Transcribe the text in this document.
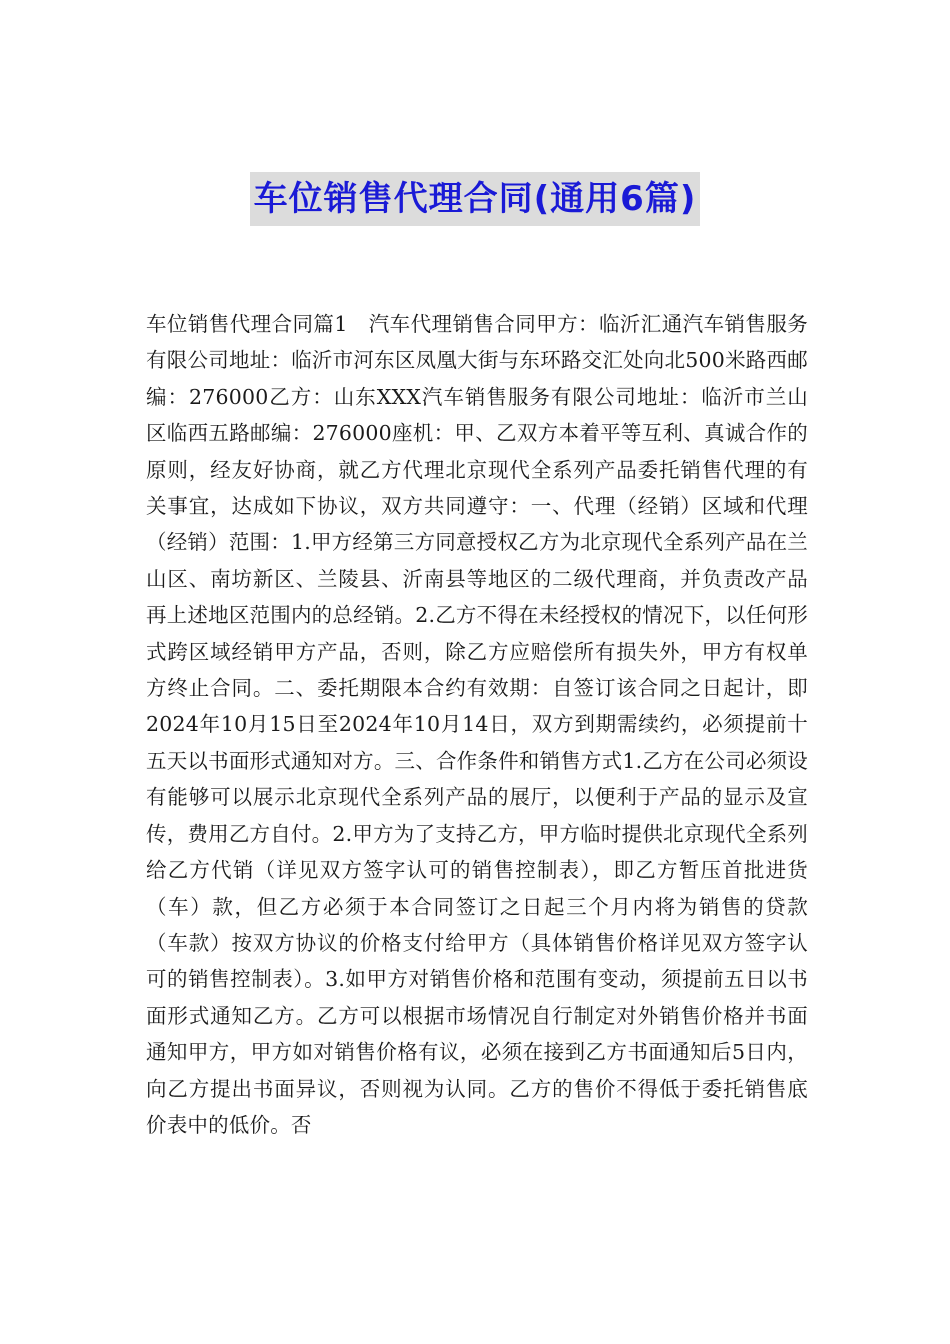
车位销售代理合同(通用6篇)

车位销售代理合同篇1　汽车代理销售合同甲方：临沂汇通汽车销售服务有限公司地址：临沂市河东区凤凰大街与东环路交汇处向北500米路西邮编：276000乙方：山东XXX汽车销售服务有限公司地址：临沂市兰山区临西五路邮编：276000座机：甲、乙双方本着平等互利、真诚合作的原则，经友好协商，就乙方代理北京现代全系列产品委托销售代理的有关事宜，达成如下协议，双方共同遵守：一、代理（经销）区域和代理（经销）范围：1.甲方经第三方同意授权乙方为北京现代全系列产品在兰山区、南坊新区、兰陵县、沂南县等地区的二级代理商，并负责改产品再上述地区范围内的总经销。2.乙方不得在未经授权的情况下，以任何形式跨区域经销甲方产品，否则，除乙方应赔偿所有损失外，甲方有权单方终止合同。二、委托期限本合约有效期：自签订该合同之日起计，即2024年10月15日至2024年10月14日，双方到期需续约，必须提前十五天以书面形式通知对方。三、合作条件和销售方式1.乙方在公司必须设有能够可以展示北京现代全系列产品的展厅，以便利于产品的显示及宣传，费用乙方自付。2.甲方为了支持乙方，甲方临时提供北京现代全系列给乙方代销（详见双方签字认可的销售控制表），即乙方暂压首批进货（车）款，但乙方必须于本合同签订之日起三个月内将为销售的贷款（车款）按双方协议的价格支付给甲方（具体销售价格详见双方签字认可的销售控制表）。3.如甲方对销售价格和范围有变动，须提前五日以书面形式通知乙方。乙方可以根据市场情况自行制定对外销售价格并书面通知甲方，甲方如对销售价格有议，必须在接到乙方书面通知后5日内，向乙方提出书面异议，否则视为认同。乙方的售价不得低于委托销售底价表中的低价。否
